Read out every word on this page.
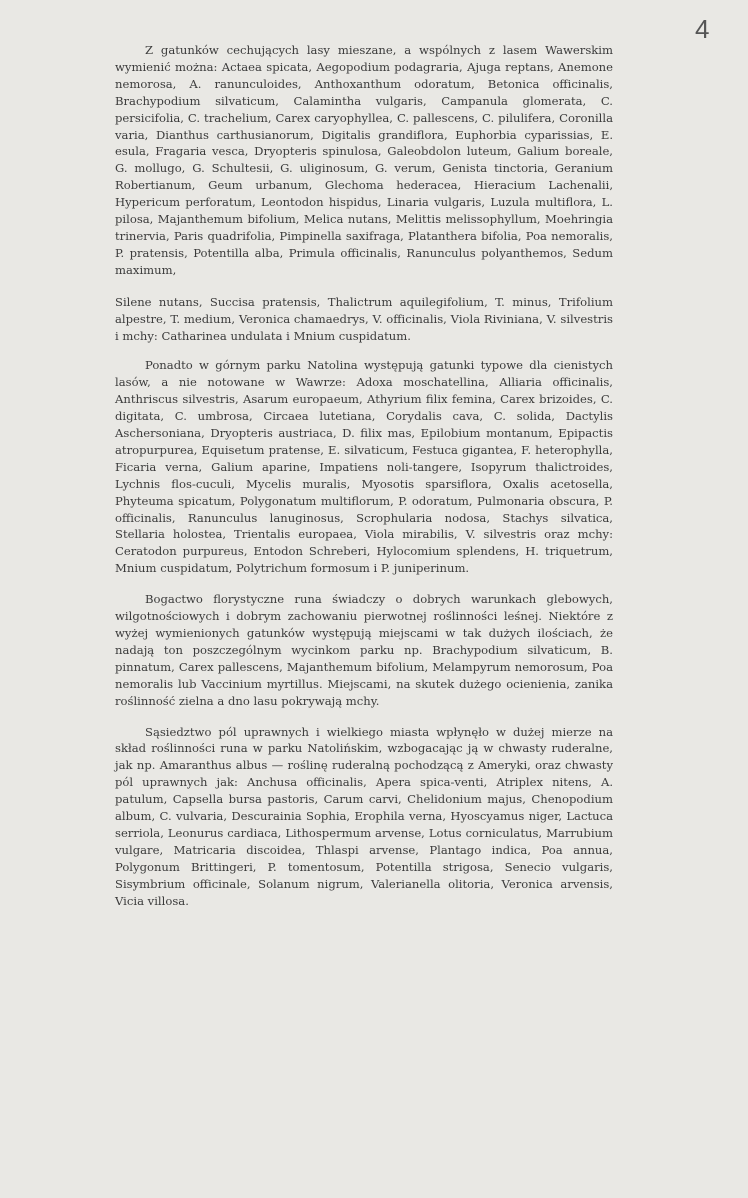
4

Z gatunków cechujących lasy mieszane, a wspólnych z lasem Wawerskim wymienić można: Actaea spicata, Aegopodium podagraria, Ajuga reptans, Anemone nemorosa, A. ranunculoides, Anthoxanthum odoratum, Betonica officinalis, Brachypodium silvaticum, Calamintha vulgaris, Campanula glomerata, C. persicifolia, C. trachelium, Carex caryophyllea, C. pallescens, C. pilulifera, Coronilla varia, Dianthus carthusianorum, Digitalis grandiflora, Euphorbia cyparissias, E. esula, Fragaria vesca, Dryopteris spinulosa, Galeobdolon luteum, Galium boreale, G. mollugo, G. Schultesii, G. uliginosum, G. verum, Genista tinctoria, Geranium Robertianum, Geum urbanum, Glechoma hederacea, Hieracium Lachenalii, Hypericum perforatum, Leontodon hispidus, Linaria vulgaris, Luzula multiflora, L. pilosa, Majanthemum bifolium, Melica nutans, Melittis melissophyllum, Moehringia trinervia, Paris quadrifolia, Pimpinella saxifraga, Platanthera bifolia, Poa nemoralis, P. pratensis, Potentilla alba, Primula officinalis, Ranunculus polyanthemos, Sedum maximum,

Silene nutans, Succisa pratensis, Thalictrum aquilegifolium, T. minus, Trifolium alpestre, T. medium, Veronica chamaedrys, V. officinalis, Viola Riviniana, V. silvestris i mchy: Catharinea undulata i Mnium cuspidatum.

Ponadto w górnym parku Natolina występują gatunki typowe dla cienistych lasów, a nie notowane w Wawrze: Adoxa moschatellina, Alliaria officinalis, Anthriscus silvestris, Asarum europaeum, Athyrium filix femina, Carex brizoides, C. digitata, C. umbrosa, Circaea lutetiana, Corydalis cava, C. solida, Dactylis Aschersoniana, Dryopteris austriaca, D. filix mas, Epilobium montanum, Epipactis atropurpurea, Equisetum pratense, E. silvaticum, Festuca gigantea, F. heterophylla, Ficaria verna, Galium aparine, Impatiens noli-tangere, Isopyrum thalictroides, Lychnis flos-cuculi, Mycelis muralis, Myosotis sparsiflora, Oxalis acetosella, Phyteuma spicatum, Polygonatum multiflorum, P. odoratum, Pulmonaria obscura, P. officinalis, Ranunculus lanuginosus, Scrophularia nodosa, Stachys silvatica, Stellaria holostea, Trientalis europaea, Viola mirabilis, V. silvestris oraz mchy: Ceratodon purpureus, Entodon Schreberi, Hylocomium splendens, H. triquetrum, Mnium cuspidatum, Polytrichum formosum i P. juniperinum.

Bogactwo florystyczne runa świadczy o dobrych warunkach glebowych, wilgotnościowych i dobrym zachowaniu pierwotnej roślinności leśnej. Niektóre z wyżej wymienionych gatunków występują miejscami w tak dużych ilościach, że nadają ton poszczególnym wycinkom parku np. Brachypodium silvaticum, B. pinnatum, Carex pallescens, Majanthemum bifolium, Melampyrum nemorosum, Poa nemoralis lub Vaccinium myrtillus. Miejscami, na skutek dużego ocienienia, zanika roślinność zielna a dno lasu pokrywają mchy.

Sąsiedztwo pól uprawnych i wielkiego miasta wpłynęło w dużej mierze na skład roślinności runa w parku Natolińskim, wzbogacając ją w chwasty ruderalne, jak np. Amaranthus albus — roślinę ruderalną pochodzącą z Ameryki, oraz chwasty pól uprawnych jak: Anchusa officinalis, Apera spica-venti, Atriplex nitens, A. patulum, Capsella bursa pastoris, Carum carvi, Chelidonium majus, Chenopodium album, C. vulvaria, Descurainia Sophia, Erophila verna, Hyoscyamus niger, Lactuca serriola, Leonurus cardiaca, Lithospermum arvense, Lotus corniculatus, Marrubium vulgare, Matricaria discoidea, Thlaspi arvense, Plantago indica, Poa annua, Polygonum Brittingeri, P. tomentosum, Potentilla strigosa, Senecio vulgaris, Sisymbrium officinale, Solanum nigrum, Valerianella olitoria, Veronica arvensis, Vicia villosa.
